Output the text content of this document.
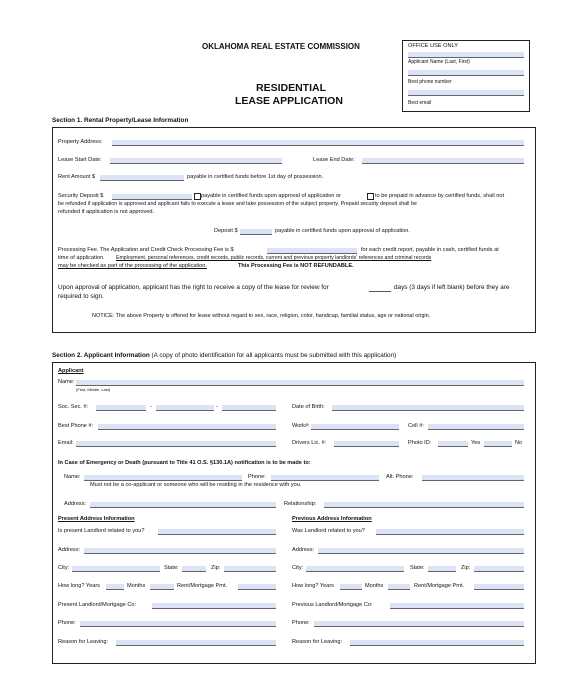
OKLAHOMA REAL ESTATE COMMISSION
RESIDENTIAL
LEASE APPLICATION
OFFICE USE ONLY
Applicant Name (Last, First)
Best phone number
Best email
Section 1. Rental Property/Lease Information
Property Address:
Lease Start Date:	Lease End Date:
Rent Amount $	payable in certified funds before 1st day of possession.
Security Deposit $	payable in certified funds upon approval of application or	to be prepaid in advance by certified funds, shall not
be refunded if application is approved and applicant fails to execute a lease and take possession of the subject property. Prepaid security deposit shall be
refunded if application is not approved.
Deposit $	payable in certified funds upon approval of application.
Processing Fee. The Application and Credit Check Processing Fee is $	for each credit report, payable in cash, certified funds at
time of application. Employment, personal references, credit records, public records, current and previous property landlords' references and criminal records
may be checked as part of the processing of the application.	This Processing Fee is NOT REFUNDABLE.
Upon approval of application, applicant has the right to receive a copy of the lease for review for	days (3 days if left blank) before they are
required to sign.
NOTICE: The above Property is offered for lease without regard to sex, race, religion, color, handicap, familial status, age or national origin.
Section 2. Applicant Information (A copy of photo identification for all applicants must be submitted with this application)
Applicant
Name:
(First, Middle, Last)
Soc. Sec. #:	-	-	Date of Birth:
Best Phone #:	Work#:	Cell #:
Email:	Drivers Lic. #:	Photo ID:	Yes	No
In Case of Emergency or Death (pursuant to Title 41 O.S. §130.1A) notification is to be made to:
Name:	Phone:	Alt. Phone:
Must not be a co-applicant or someone who will be residing in the residence with you.
Address:	Relationship:
Present Address Information	Previous Address Information
Is present Landlord related to you?	Was Landlord related to you?
Address:	Address:
City:	State:	Zip:	City:	State:	Zip:
How long? Years	Months	Rent/Mortgage Pmt.	How long? Years	Months	Rent/Mortgage Pmt.
Present Landlord/Mortgage Co:	Previous Landlord/Mortgage Co:
Phone:	Phone:
Reason for Leaving:	Reason for Leaving:
